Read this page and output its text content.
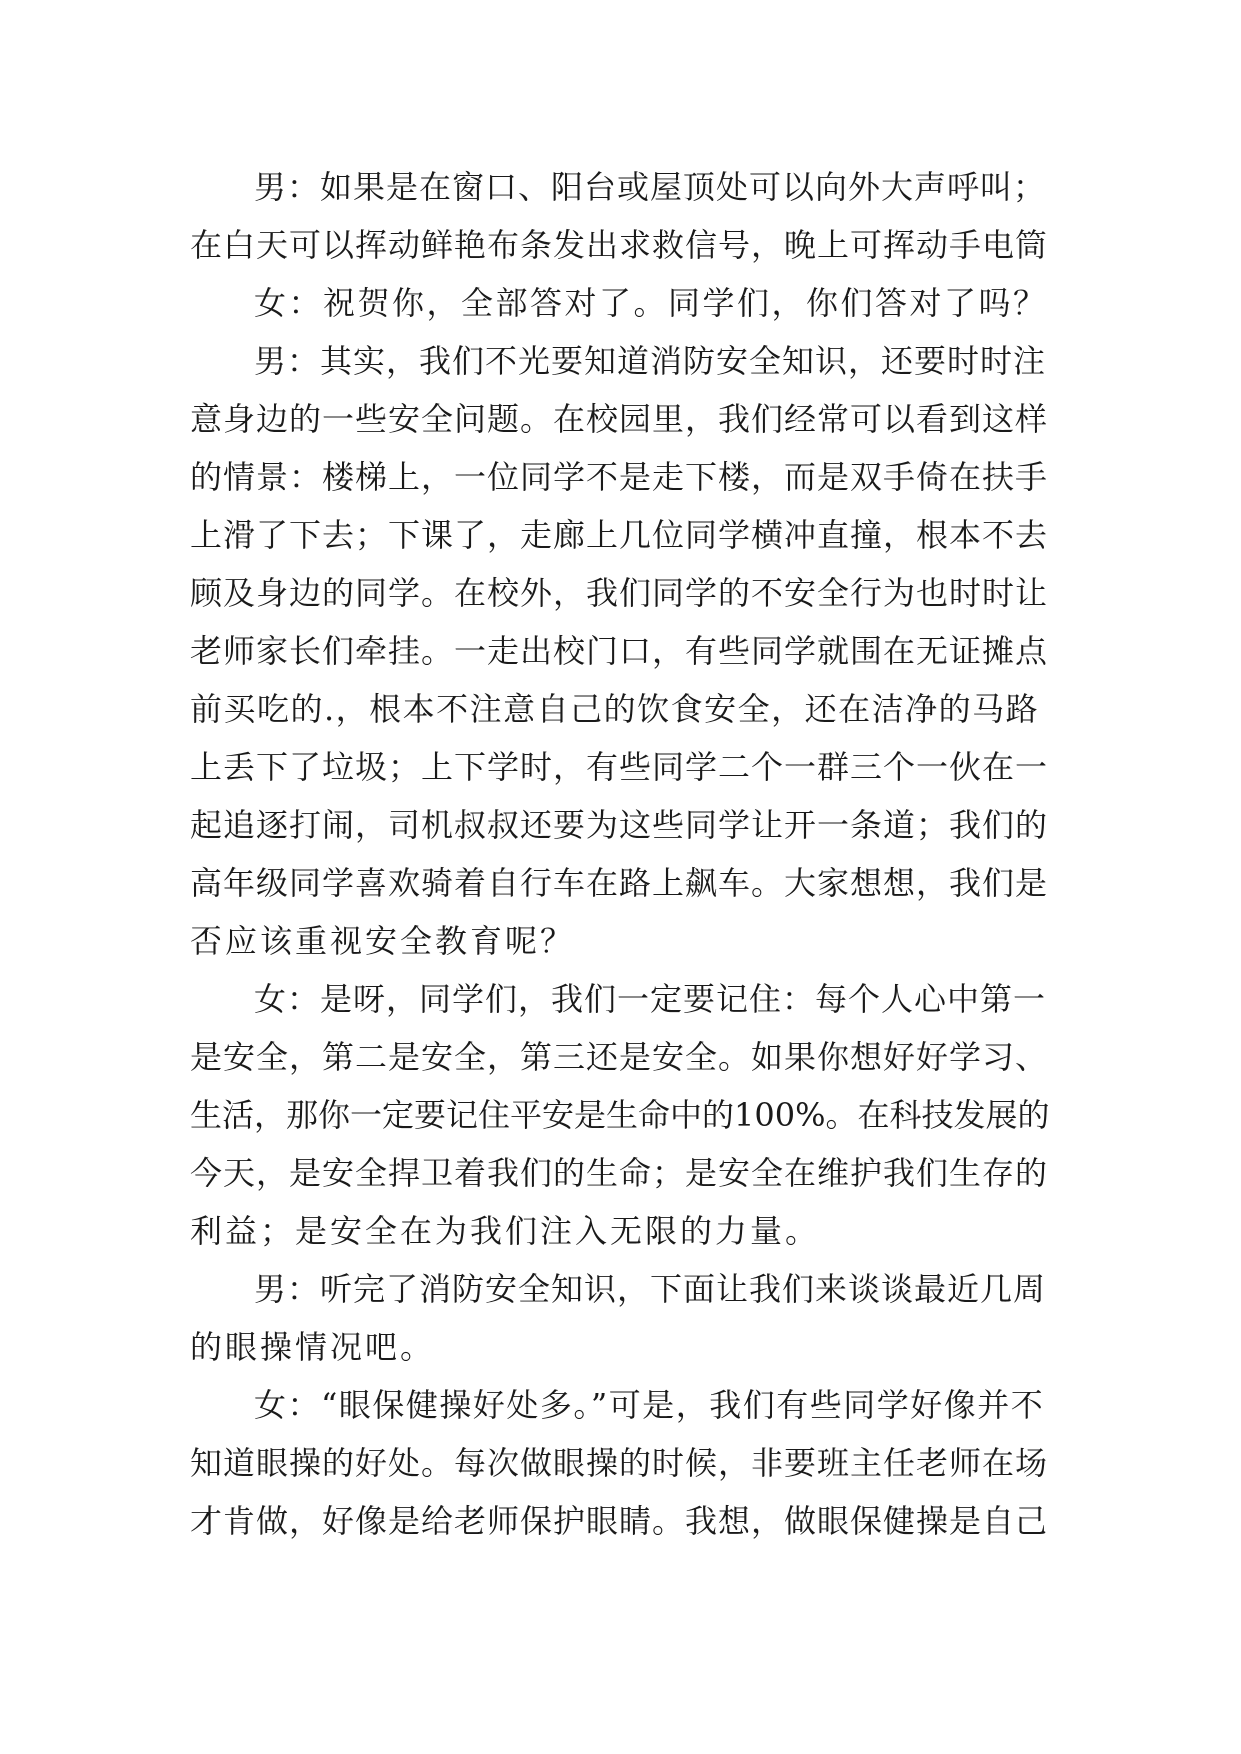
男：如果是在窗口、阳台或屋顶处可以向外大声呼叫；
在白天可以挥动鲜艳布条发出求救信号，晚上可挥动手电筒
女：祝贺你，全部答对了。同学们，你们答对了吗？
男：其实，我们不光要知道消防安全知识，还要时时注
意身边的一些安全问题。在校园里，我们经常可以看到这样
的情景：楼梯上，一位同学不是走下楼，而是双手倚在扶手
上滑了下去；下课了，走廊上几位同学横冲直撞，根本不去
顾及身边的同学。在校外，我们同学的不安全行为也时时让
老师家长们牵挂。一走出校门口，有些同学就围在无证摊点
前买吃的.，根本不注意自己的饮食安全，还在洁净的马路
上丢下了垃圾；上下学时，有些同学二个一群三个一伙在一
起追逐打闹，司机叔叔还要为这些同学让开一条道；我们的
高年级同学喜欢骑着自行车在路上飙车。大家想想，我们是
否应该重视安全教育呢？
女：是呀，同学们，我们一定要记住：每个人心中第一
是安全，第二是安全，第三还是安全。如果你想好好学习、
生活，那你一定要记住平安是生命中的100%。在科技发展的
今天，是安全捍卫着我们的生命；是安全在维护我们生存的
利益；是安全在为我们注入无限的力量。
男：听完了消防安全知识，下面让我们来谈谈最近几周
的眼操情况吧。
女：“眼保健操好处多。”可是，我们有些同学好像并不
知道眼操的好处。每次做眼操的时候，非要班主任老师在场
才肯做，好像是给老师保护眼睛。我想，做眼保健操是自己
